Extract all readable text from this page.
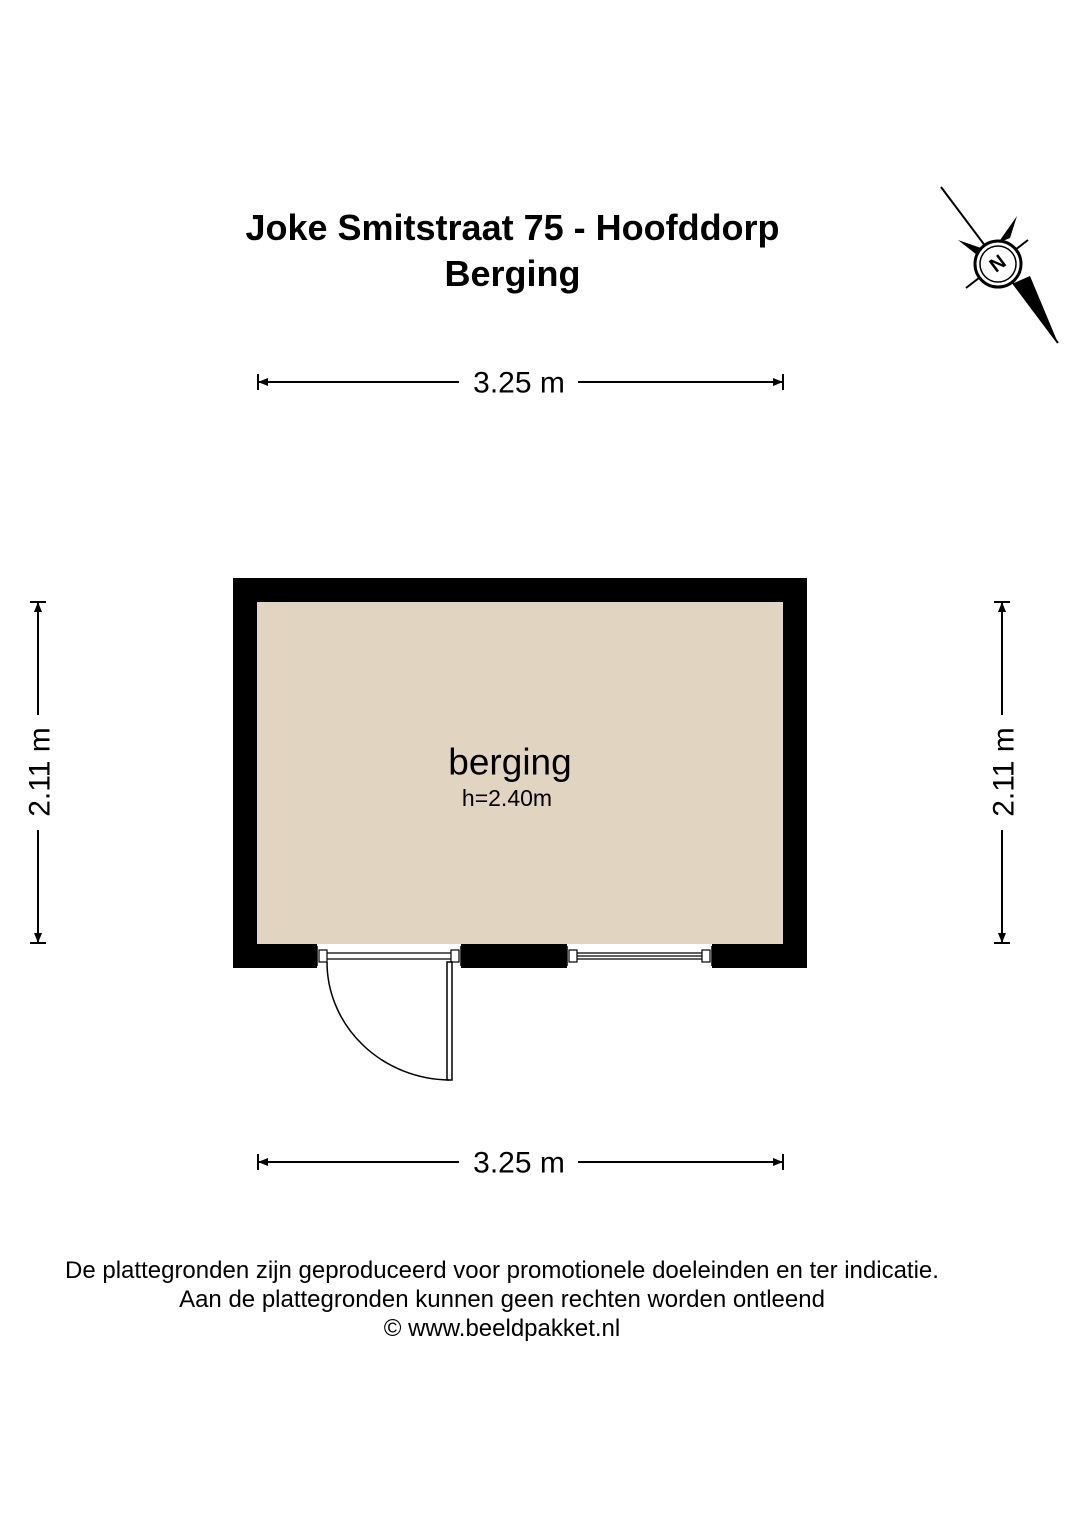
Joke Smitstraat 75 - Hoofddorp
Berging	N
3.25 m
3.25 m
2.11 m	2.11 m
berging
h=2.40m
De plattegronden zijn geproduceerd voor promotionele doeleinden en ter indicatie.
Aan de plattegronden kunnen geen rechten worden ontleend
© www.beeldpakket.nl
